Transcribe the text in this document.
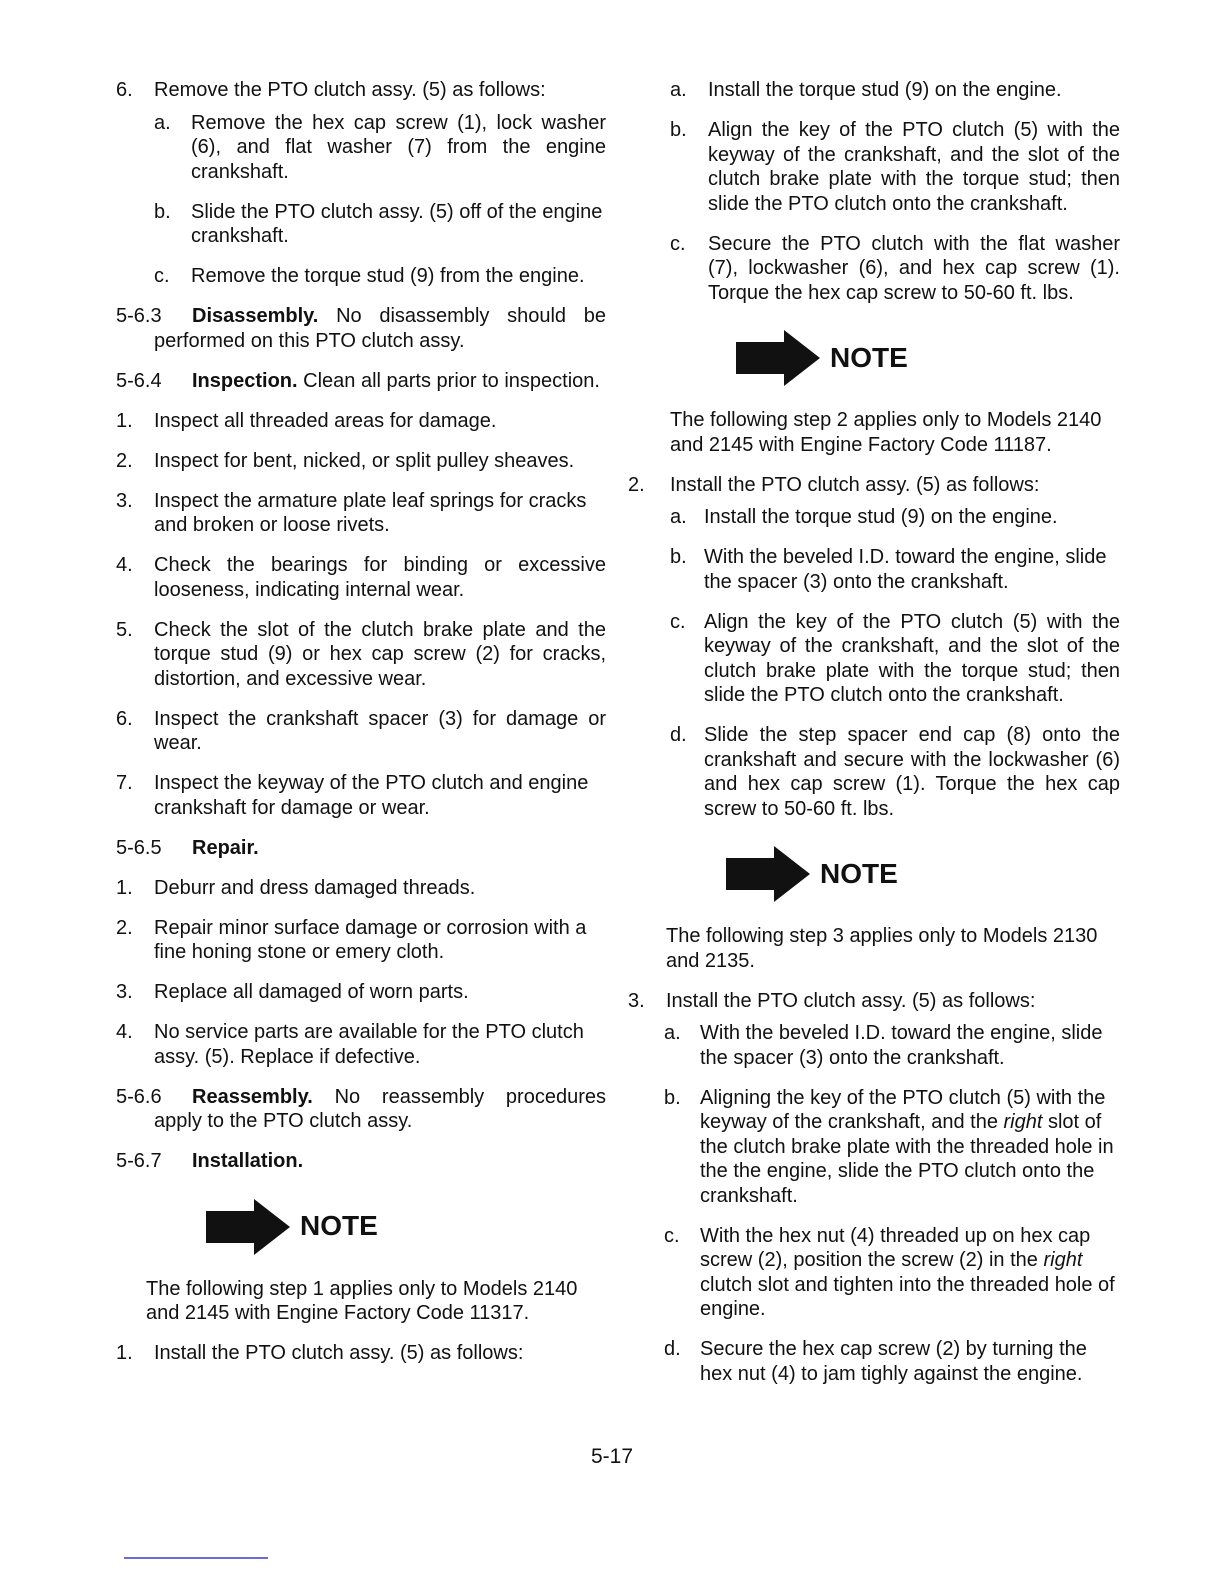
6. Remove the PTO clutch assy. (5) as follows:
a. Remove the hex cap screw (1), lock washer (6), and flat washer (7) from the engine crankshaft.
b. Slide the PTO clutch assy. (5) off of the engine crankshaft.
c. Remove the torque stud (9) from the engine.
5-6.3 Disassembly. No disassembly should be performed on this PTO clutch assy.
5-6.4 Inspection. Clean all parts prior to inspection.
1. Inspect all threaded areas for damage.
2. Inspect for bent, nicked, or split pulley sheaves.
3. Inspect the armature plate leaf springs for cracks and broken or loose rivets.
4. Check the bearings for binding or excessive looseness, indicating internal wear.
5. Check the slot of the clutch brake plate and the torque stud (9) or hex cap screw (2) for cracks, distortion, and excessive wear.
6. Inspect the crankshaft spacer (3) for damage or wear.
7. Inspect the keyway of the PTO clutch and engine crankshaft for damage or wear.
5-6.5 Repair.
1. Deburr and dress damaged threads.
2. Repair minor surface damage or corrosion with a fine honing stone or emery cloth.
3. Replace all damaged of worn parts.
4. No service parts are available for the PTO clutch assy. (5). Replace if defective.
5-6.6 Reassembly. No reassembly procedures apply to the PTO clutch assy.
5-6.7 Installation.
NOTE
The following step 1 applies only to Models 2140 and 2145 with Engine Factory Code 11317.
1. Install the PTO clutch assy. (5) as follows:
a. Install the torque stud (9) on the engine.
b. Align the key of the PTO clutch (5) with the keyway of the crankshaft, and the slot of the clutch brake plate with the torque stud; then slide the PTO clutch onto the crankshaft.
c. Secure the PTO clutch with the flat washer (7), lockwasher (6), and hex cap screw (1). Torque the hex cap screw to 50-60 ft. lbs.
NOTE
The following step 2 applies only to Models 2140 and 2145 with Engine Factory Code 11187.
2. Install the PTO clutch assy. (5) as follows:
a. Install the torque stud (9) on the engine.
b. With the beveled I.D. toward the engine, slide the spacer (3) onto the crankshaft.
c. Align the key of the PTO clutch (5) with the keyway of the crankshaft, and the slot of the clutch brake plate with the torque stud; then slide the PTO clutch onto the crankshaft.
d. Slide the step spacer end cap (8) onto the crankshaft and secure with the lockwasher (6) and hex cap screw (1). Torque the hex cap screw to 50-60 ft. lbs.
NOTE
The following step 3 applies only to Models 2130 and 2135.
3. Install the PTO clutch assy. (5) as follows:
a. With the beveled I.D. toward the engine, slide the spacer (3) onto the crankshaft.
b. Aligning the key of the PTO clutch (5) with the keyway of the crankshaft, and the right slot of the clutch brake plate with the threaded hole in the the engine, slide the PTO clutch onto the crankshaft.
c. With the hex nut (4) threaded up on hex cap screw (2), position the screw (2) in the right clutch slot and tighten into the threaded hole of engine.
d. Secure the hex cap screw (2) by turning the hex nut (4) to jam tighly against the engine.
5-17
